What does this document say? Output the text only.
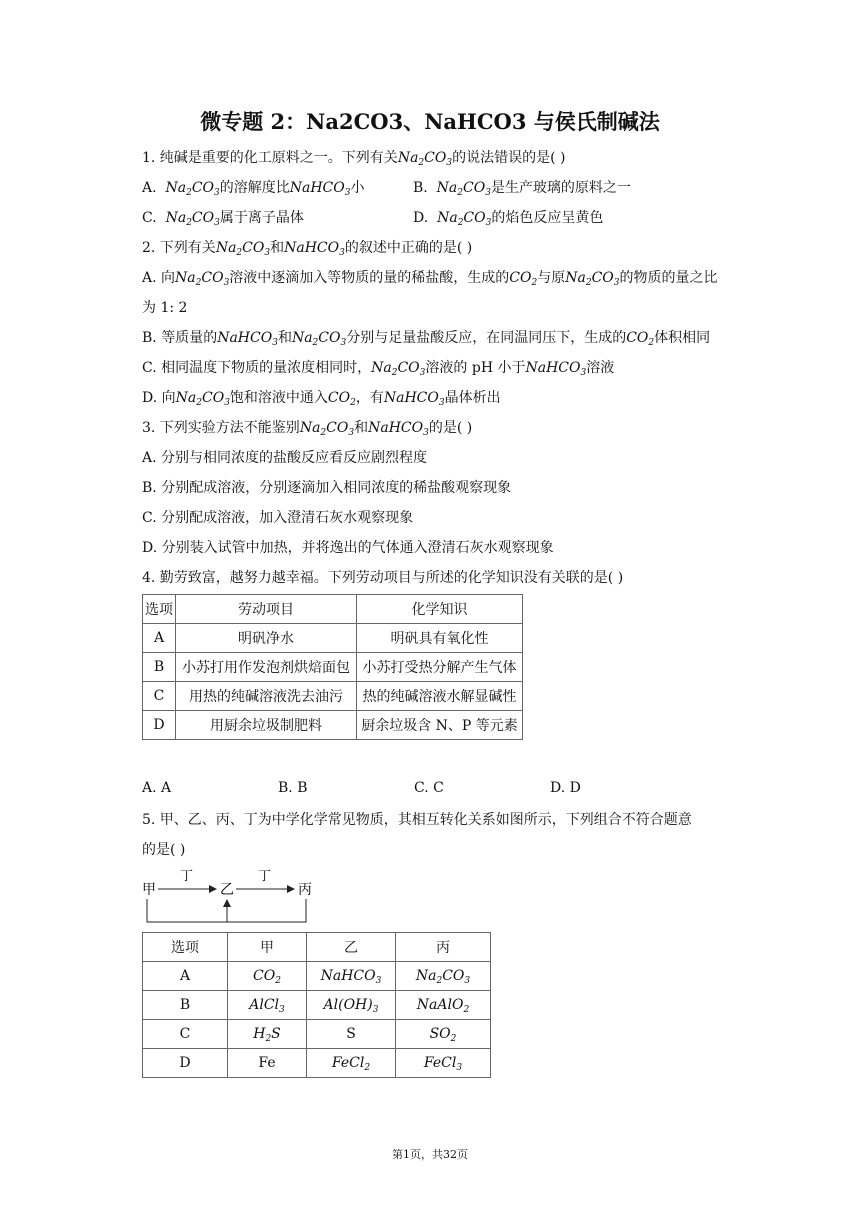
微专题 2：Na2CO3、NaHCO3 与侯氏制碱法
1. 纯碱是重要的化工原料之一。下列有关$Na_2CO_3$的说法错误的是( )
A.  $Na_2CO_3$的溶解度比NaHCO$_3$小	B.  $Na_2CO_3$是生产玻璃的原料之一
C.  $Na_2CO_3$属于离子晶体	D.  $Na_2CO_3$的焰色反应呈黄色
2. 下列有关$Na_2CO_3$和NaHCO$_3$的叙述中正确的是( )
A. 向$Na_2CO_3$溶液中逐滴加入等物质的量的稀盐酸，生成的$CO_2$与原$Na_2CO_3$的物质的量之比
为 1: 2
B. 等质量的NaHCO$_3$和$Na_2CO_3$分别与足量盐酸反应，在同温同压下，生成的$CO_2$体积相同
C. 相同温度下物质的量浓度相同时，$Na_2CO_3$溶液的 pH 小于NaHCO$_3$溶液
D. 向$Na_2CO_3$饱和溶液中通入$CO_2$，有NaHCO$_3$晶体析出
3. 下列实验方法不能鉴别$Na_2CO_3$和NaHCO$_3$的是( )
A. 分别与相同浓度的盐酸反应看反应剧烈程度
B. 分别配成溶液，分别逐滴加入相同浓度的稀盐酸观察现象
C. 分别配成溶液，加入澄清石灰水观察现象
D. 分别装入试管中加热，并将逸出的气体通入澄清石灰水观察现象
4. 勤劳致富，越努力越幸福。下列劳动项目与所述的化学知识没有关联的是( )
选项	劳动项目	化学知识
A	明矾净水	明矾具有氧化性
B	小苏打用作发泡剂烘焙面包	小苏打受热分解产生气体
C	用热的纯碱溶液洗去油污	热的纯碱溶液水解显碱性
D	用厨余垃圾制肥料	厨余垃圾含 N、P 等元素
A. A	B. B	C. C	D. D
5. 甲、乙、丙、丁为中学化学常见物质，其相互转化关系如图所示，下列组合不符合题意
的是( )
甲	乙	丙
丁	丁
选项	甲	乙	丙
A	$CO_2$	NaHCO$_3$	$Na_2CO_3$
B	AlCl$_3$	$Al(OH)_3$	NaAlO$_2$
C	$H_2S$	S	$SO_2$
D	Fe	FeCl$_2$	FeCl$_3$
第1页，共32页
